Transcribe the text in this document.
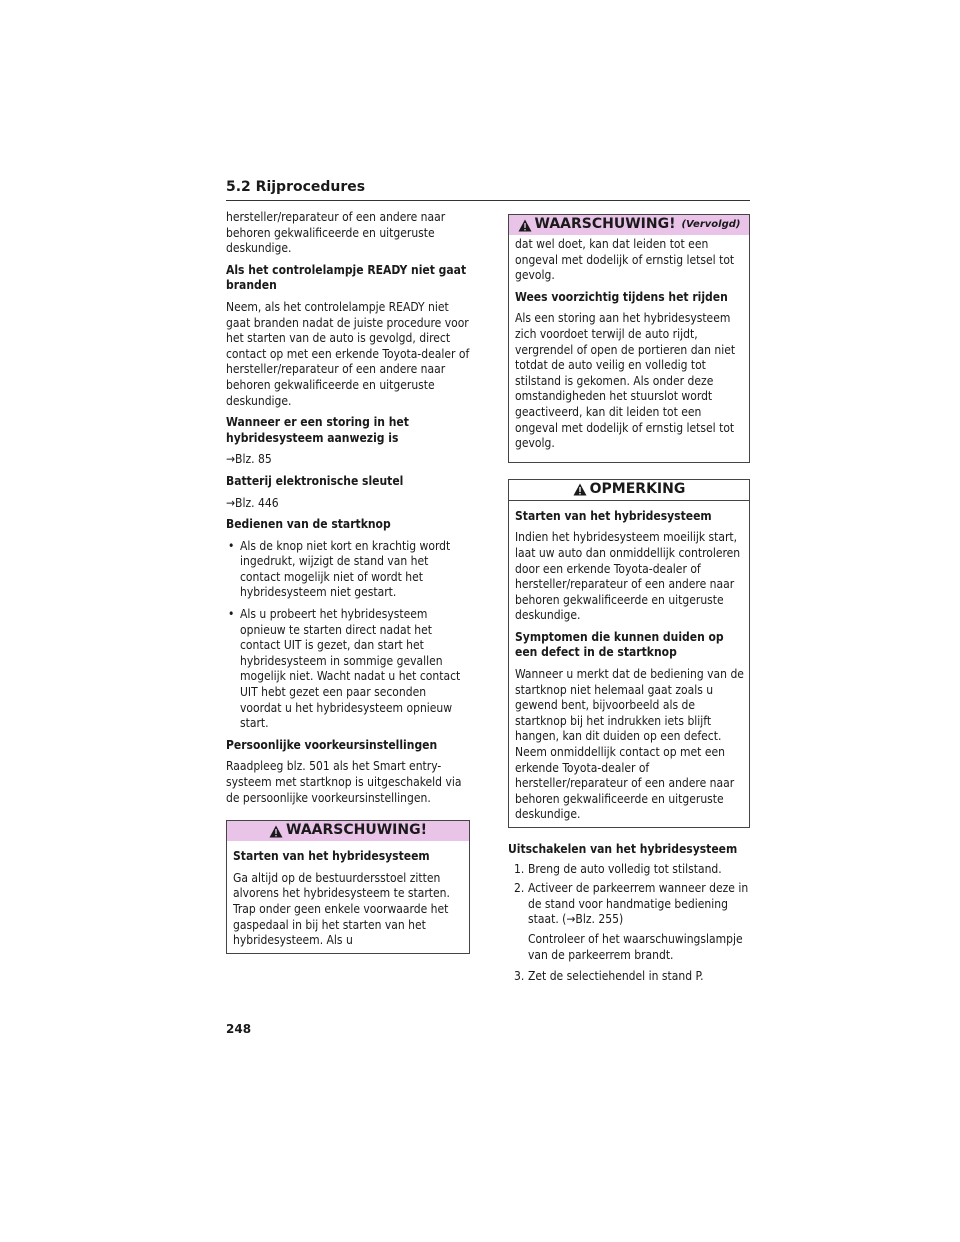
5.2 Rijprocedures

hersteller/reparateur of een andere naar behoren gekwalificeerde en uitgeruste deskundige.

Als het controlelampje READY niet gaat branden

Neem, als het controlelampje READY niet gaat branden nadat de juiste procedure voor het starten van de auto is gevolgd, direct contact op met een erkende Toyota-dealer of hersteller/reparateur of een andere naar behoren gekwalificeerde en uitgeruste deskundige.

Wanneer er een storing in het hybridesysteem aanwezig is

→Blz. 85

Batterij elektronische sleutel

→Blz. 446

Bedienen van de startknop

• Als de knop niet kort en krachtig wordt ingedrukt, wijzigt de stand van het contact mogelijk niet of wordt het hybridesysteem niet gestart.
• Als u probeert het hybridesysteem opnieuw te starten direct nadat het contact UIT is gezet, dan start het hybridesysteem in sommige gevallen mogelijk niet. Wacht nadat u het contact UIT hebt gezet een paar seconden voordat u het hybridesysteem opnieuw start.

Persoonlijke voorkeursinstellingen

Raadpleeg blz. 501 als het Smart entry-systeem met startknop is uitgeschakeld via de persoonlijke voorkeursinstellingen.

WAARSCHUWING!

Starten van het hybridesysteem

Ga altijd op de bestuurdersstoel zitten alvorens het hybridesysteem te starten. Trap onder geen enkele voorwaarde het gaspedaal in bij het starten van het hybridesysteem. Als u

WAARSCHUWING! (Vervolgd)

dat wel doet, kan dat leiden tot een ongeval met dodelijk of ernstig letsel tot gevolg.

Wees voorzichtig tijdens het rijden

Als een storing aan het hybridesysteem zich voordoet terwijl de auto rijdt, vergrendel of open de portieren dan niet totdat de auto veilig en volledig tot stilstand is gekomen. Als onder deze omstandigheden het stuurslot wordt geactiveerd, kan dit leiden tot een ongeval met dodelijk of ernstig letsel tot gevolg.

OPMERKING

Starten van het hybridesysteem

Indien het hybridesysteem moeilijk start, laat uw auto dan onmiddellijk controleren door een erkende Toyota-dealer of hersteller/reparateur of een andere naar behoren gekwalificeerde en uitgeruste deskundige.

Symptomen die kunnen duiden op een defect in de startknop

Wanneer u merkt dat de bediening van de startknop niet helemaal gaat zoals u gewend bent, bijvoorbeeld als de startknop bij het indrukken iets blijft hangen, kan dit duiden op een defect. Neem onmiddellijk contact op met een erkende Toyota-dealer of hersteller/reparateur of een andere naar behoren gekwalificeerde en uitgeruste deskundige.

Uitschakelen van het hybridesysteem

1. Breng de auto volledig tot stilstand.
2. Activeer de parkeerrem wanneer deze in de stand voor handmatige bediening staat. (→Blz. 255)

Controleer of het waarschuwingslampje van de parkeerrem brandt.

3. Zet de selectiehendel in stand P.
248
